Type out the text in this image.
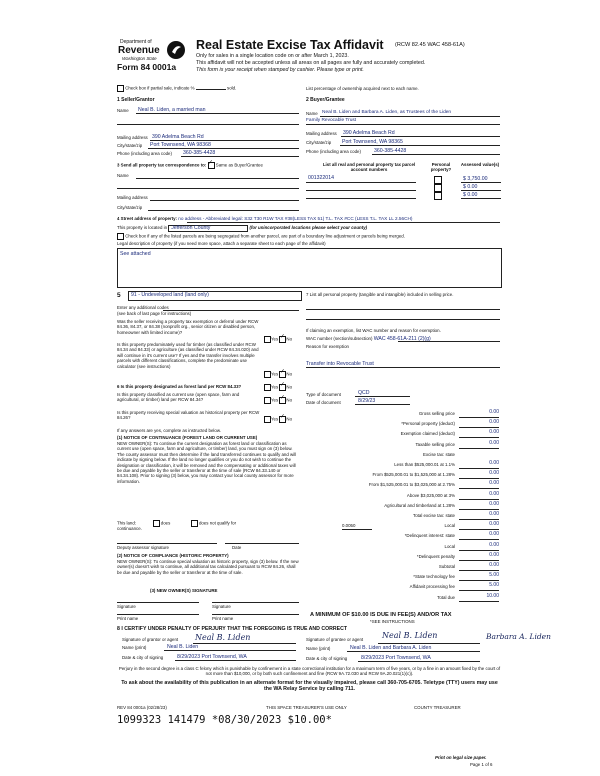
Department of
Revenue
Washington State
Form 84 0001a
Real Estate Excise Tax Affidavit (RCW 82.45 WAC 458-61A)
Only for sales in a single location code on or after March 1, 2023.
This affidavit will not be accepted unless all areas on all pages are fully and accurately completed.
This form is your receipt when stamped by cashier. Please type or print.
Check box if partial sale, indicate %	sold.	List percentage of ownership acquired next to each name.
1 Seller/Grantor
Name Neal B. Liden, a married man
Mailing address 390 Adelma Beach Rd
City/state/zip Port Townsend, WA 98368
Phone (including area code) 360-385-4428
2 Buyer/Grantee
Name Neal B. Liden and Barbara A. Liden, as Trustees of the Liden
Family Revocable Trust
Mailing address 390 Adelma Beach Rd
City/state/zip Port Townsend, WA 98365
Phone (including area code)	360-385-4428
3 Send all property tax correspondence to: ✓ Same as Buyer/Grantee
Name
Mailing address
City/state/zip
List all real and personal property tax parcel account numbers
Personal property?
Assessed value(s)
001322014	$ 3,750.00
$ 0.00
$ 0.00
4 Street address of property: no address - Abbreviated legal: S32 T30 R1W TAX #38(LESS TAX 51) T.L. TAX #CC (LESS T.L. TAX LL 2.56CH)
This property is located in Jefferson County	(for unincorporated locations please select your county)
Check box if any of the listed parcels are being segregated from another parcel, are part of a boundary line adjustment or parcels being merged.
Legal description of property (if you need more space, attach a separate sheet to each page of the affidavit)
See attached
5	91 - Undeveloped land (land only)
Enter any additional codes
(see back of last page for instructions)
Was the seller receiving a property tax exemption or deferral under RCW 84.36, 84.37, or 84.38 (nonprofit org., senior citizen or disabled person, homeowner with limited income)?
Yes ✓ No
Is this property predominately used for timber (as classified under RCW 84.34 and 84.33) or agriculture (as classified under RCW 84.34.020) and will continue in it's current use? If yes and the transfer involves multiple parcels with different classifications, complete the predominate use calculator (see instructions)
Yes ✓ No
6 Is this property designated as forest land per RCW 84.33?	Yes ✓ No
Is this property classified as current use (open space, farm and agricultural, or timber) land per RCW 84.34?	Yes ✓ No
Is this property receiving special valuation as historical property per RCW 84.26?	Yes ✓ No
If any answers are yes, complete as instructed below.
(1) NOTICE OF CONTINUANCE (FOREST LAND OR CURRENT USE)
NEW OWNER(S): To continue the current designation as forest land or classification as current use (open space, farm and agriculture, or timber) land, you must sign on (3) below. The county assessor must then determine if the land transferred continues to qualify and will indicate by signing below. If the land no longer qualifies or you do not wish to continue the designation or classification, it will be removed and the compensating or additional taxes will be due and payable by the seller or transferor at the time of sale (RCW 84.33.140 or 84.34.108). Prior to signing (3) below, you may contact your local county assessor for more information.
This land:	does	does not qualify for
continuance.
Deputy assessor signature	Date
(2) NOTICE OF COMPLIANCE (HISTORIC PROPERTY)
NEW OWNER(S): To continue special valuation as historic property, sign (3) below. If the new owner(s) doesn't wish to continue, all additional tax calculated pursuant to RCW 84.26, shall be due and payable by the seller or transferor at the time of sale.
(3) NEW OWNER(S) SIGNATURE
Signature	Signature
Print name	Print name
7 List all personal property (tangible and intangible) included in selling price.
If claiming an exemption, list WAC number and reason for exemption.
WAC number (section/subsection) WAC 458-61A-211 (2)(g)
Reason for exemption
Transfer into Revocable Trust
Type of document	QCD
Date of document	8/29/23
Gross selling price	0.00
*Personal property (deduct)	0.00
Exemption claimed (deduct)	0.00
Taxable selling price	0.00
Excise tax: state
Less than $525,000.01 at 1.1%	0.00
From $525,000.01 to $1,525,000 at 1.28%	0.00
From $1,525,000.01 to $3,025,000 at 2.75%	0.00
Above $3,025,000 at 3%	0.00
Agricultural and timberland at 1.28%	0.00
Total excise tax: state	0.00
Local
0.0050	0.00
*Delinquent interest: state	0.00
Local	0.00
*Delinquent penalty	0.00
Subtotal	0.00
*State technology fee	5.00
Affidavit processing fee	5.00
Total due	10.00
A MINIMUM OF $10.00 IS DUE IN FEE(S) AND/OR TAX
*SEE INSTRUCTIONS
8 I CERTIFY UNDER PENALTY OF PERJURY THAT THE FOREGOING IS TRUE AND CORRECT
Signature of grantor or agent Neal B. Liden
Name (print)	Neal B. Liden
Date & city of signing	8/29/2023 Port Townsend, WA
Signature of grantee or agent Neal B. Liden	Barbara A. Liden
Name (print)	Neal B. Liden and Barbara A. Liden
Date & city of signing	8/29/2023 Port Townsend, WA
Perjury in the second degree is a class C felony which is punishable by confinement in a state correctional institution for a maximum term of five years, or by a fine in an amount fixed by the court of not more than $10,000, or by both such confinement and fine (RCW 9A.72.030 and RCW 9A.20.021(1)(c)).
To ask about the availability of this publication in an alternate format for the visually impaired, please call 360-705-6705. Teletype (TTY) users may use the WA Relay Service by calling 711.
REV 84 0001a (02/28/23)	THIS SPACE TREASURER'S USE ONLY	COUNTY TREASURER
1099323 141479 *08/30/2023 $10.00*
Print on legal size paper.
Page 1 of 6
